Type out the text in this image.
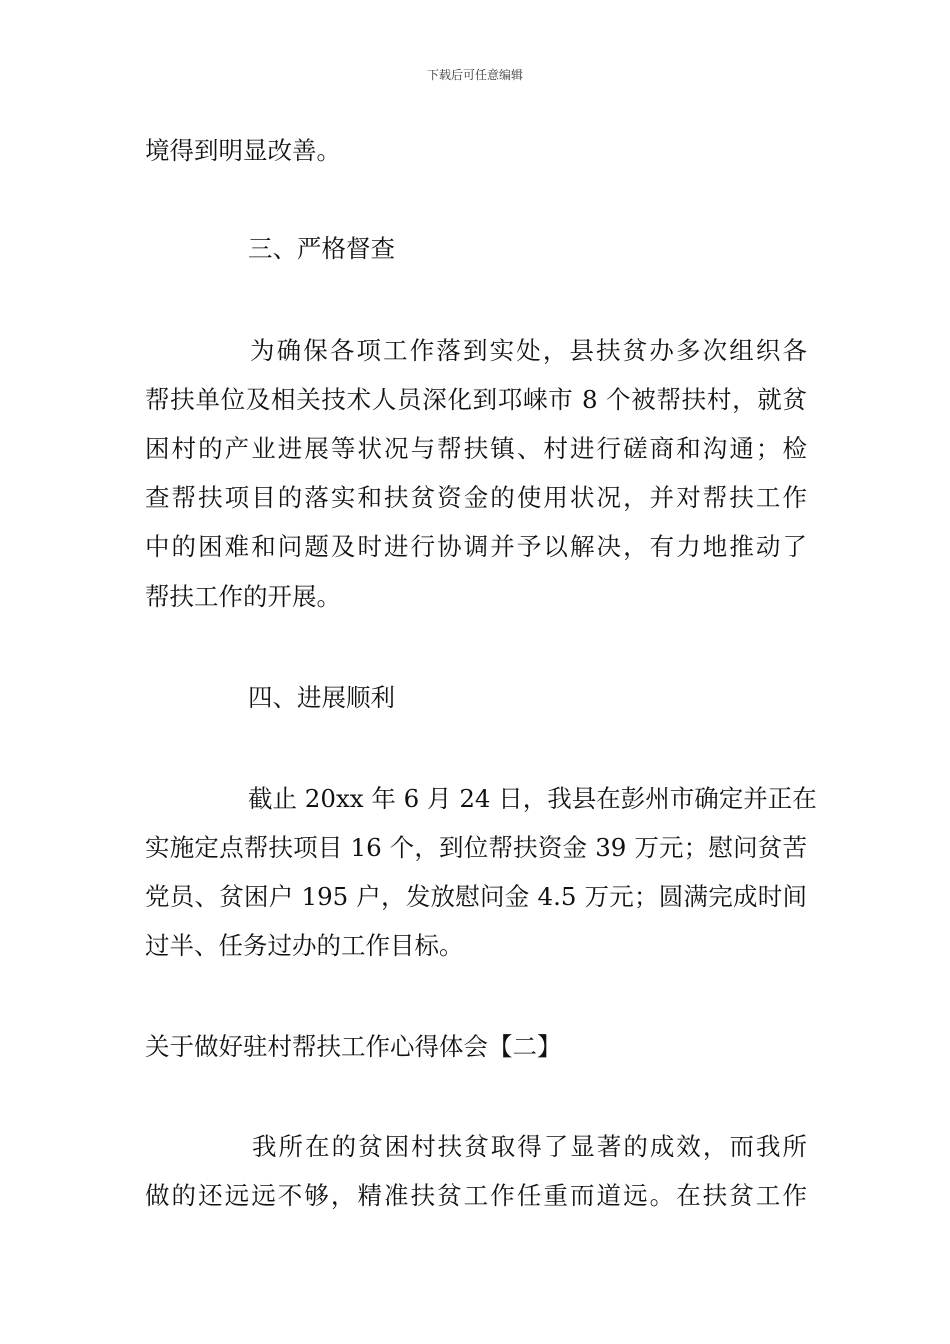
下载后可任意编辑
境得到明显改善。
三、严格督查
为确保各项工作落到实处，县扶贫办多次组织各
帮扶单位及相关技术人员深化到邛崃市 8 个被帮扶村，就贫
困村的产业进展等状况与帮扶镇、村进行磋商和沟通；检
查帮扶项目的落实和扶贫资金的使用状况，并对帮扶工作
中的困难和问题及时进行协调并予以解决，有力地推动了
帮扶工作的开展。
四、进展顺利
截止 20xx 年 6 月 24 日，我县在彭州市确定并正在
实施定点帮扶项目 16 个，到位帮扶资金 39 万元；慰问贫苦
党员、贫困户 195 户，发放慰问金 4.5 万元；圆满完成时间
过半、任务过办的工作目标。
关于做好驻村帮扶工作心得体会【二】
我所在的贫困村扶贫取得了显著的成效，而我所
做的还远远不够，精准扶贫工作任重而道远。在扶贫工作
